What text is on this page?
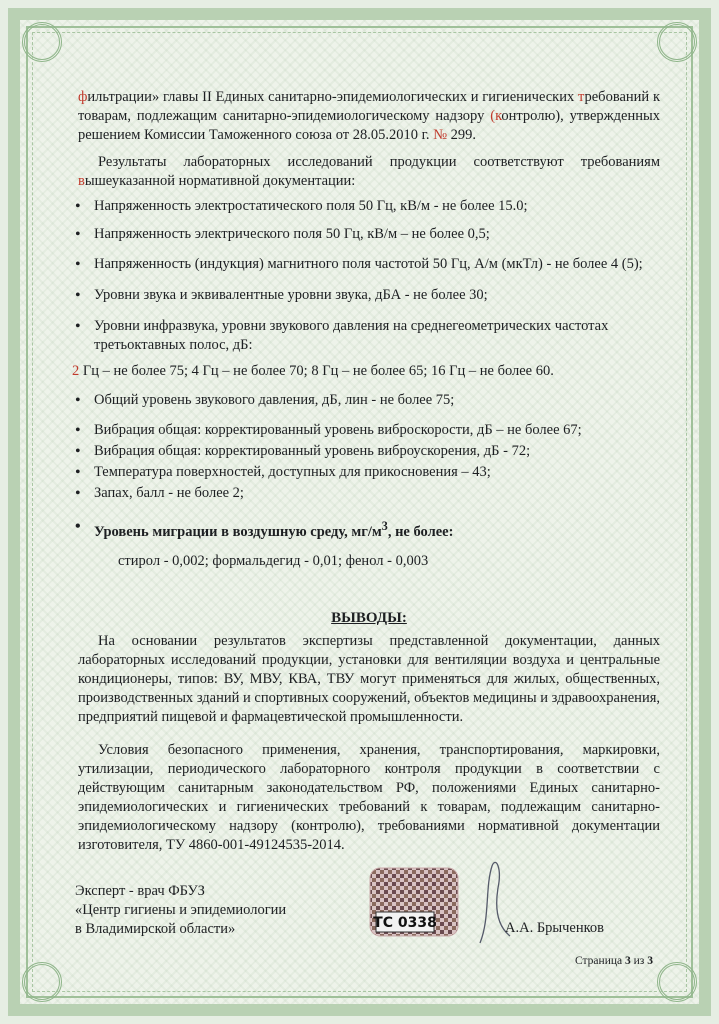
фильтрации» главы II Единых санитарно-эпидемиологических и гигиенических требований к товарам, подлежащим санитарно-эпидемиологическому надзору (контролю), утвержденных решением Комиссии Таможенного союза от 28.05.2010 г. № 299.

Результаты лабораторных исследований продукции соответствуют требованиям вышеуказанной нормативной документации:

• Напряженность электростатического поля 50 Гц, кВ/м - не более 15.0;
• Напряженность электрического поля 50 Гц, кВ/м – не более 0,5;
• Напряженность (индукция) магнитного поля частотой 50 Гц, А/м (мкТл) - не более 4 (5);
• Уровни звука и эквивалентные уровни звука, дБА - не более 30;
• Уровни инфразвука, уровни звукового давления на среднегеометрических частотах третьоктавных полос, дБ:

2 Гц – не более 75; 4 Гц – не более 70; 8 Гц – не более 65; 16 Гц – не более 60.

• Общий уровень звукового давления, дБ, лин - не более 75;
• Вибрация общая: корректированный уровень виброскорости, дБ – не более 67;
• Вибрация общая: корректированный уровень виброускорения, дБ - 72;
• Температура поверхностей, доступных для прикосновения – 43;
• Запах, балл - не более 2;
• Уровень миграции в воздушную среду, $мг/м^3$, не более:

стирол - 0,002; формальдегид - 0,01; фенол - 0,003

ВЫВОДЫ:

На основании результатов экспертизы представленной документации, данных лабораторных исследований продукции, установки для вентиляции воздуха и центральные кондиционеры, типов: ВУ, МВУ, КВА, ТВУ могут применяться для жилых, общественных, производственных зданий и спортивных сооружений, объектов медицины и здравоохранения, предприятий пищевой и фармацевтической промышленности.

Условия безопасного применения, хранения, транспортирования, маркировки, утилизации, периодического лабораторного контроля продукции в соответствии с действующим санитарным законодательством РФ, положениями Единых санитарно-эпидемиологических и гигиенических требований к товарам, подлежащим санитарно-эпидемиологическому надзору (контролю), требованиями нормативной документации изготовителя, ТУ 4860-001-49124535-2014.

Эксперт - врач ФБУЗ
«Центр гигиены и эпидемиологии
в Владимирской области»	ТС 0338	А.А. Брыченков
Страница 3 из 3
